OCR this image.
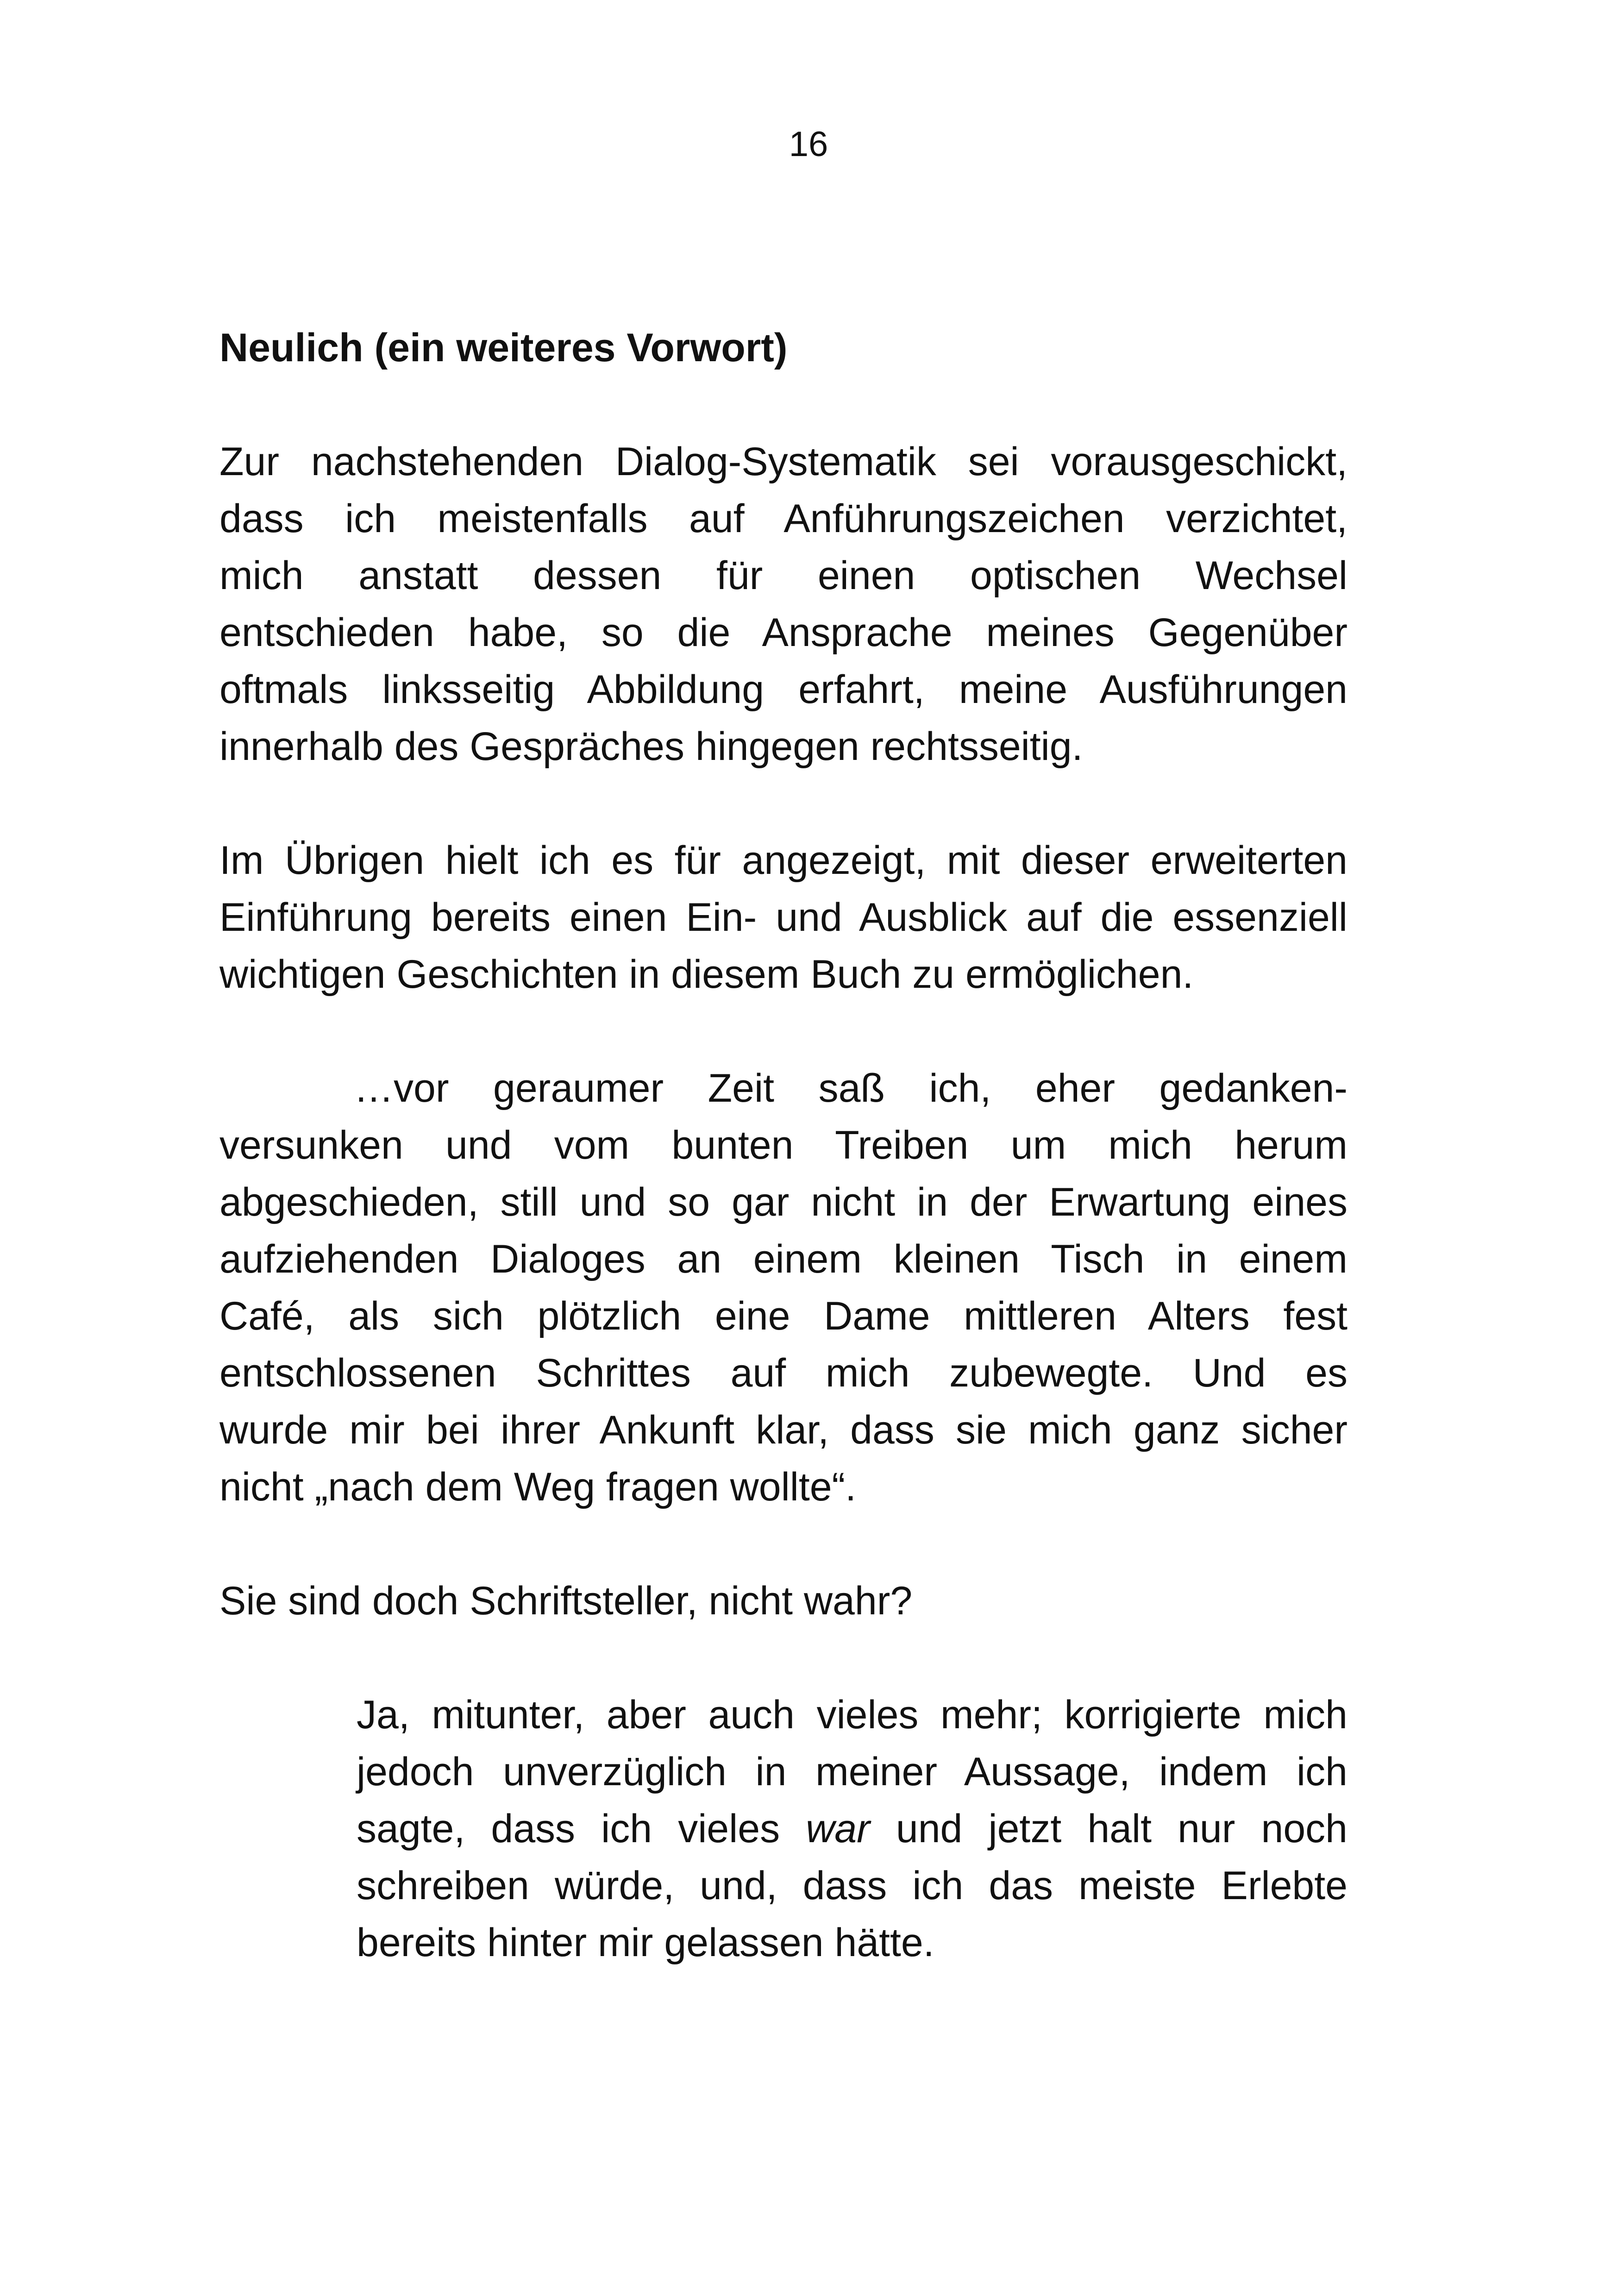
16

Neulich (ein weiteres Vorwort)

Zur nachstehenden Dialog-Systematik sei vorausgeschickt,
dass ich meistenfalls auf Anführungszeichen verzichtet,
mich anstatt dessen für einen optischen Wechsel
entschieden habe, so die Ansprache meines Gegenüber
oftmals linksseitig Abbildung erfahrt, meine Ausführungen
innerhalb des Gespräches hingegen rechtsseitig.

Im Übrigen hielt ich es für angezeigt, mit dieser erweiterten
Einführung bereits einen Ein- und Ausblick auf die essenziell
wichtigen Geschichten in diesem Buch zu ermöglichen.

…vor geraumer Zeit saß ich, eher gedanken-
versunken und vom bunten Treiben um mich herum
abgeschieden, still und so gar nicht in der Erwartung eines
aufziehenden Dialoges an einem kleinen Tisch in einem
Café, als sich plötzlich eine Dame mittleren Alters fest
entschlossenen Schrittes auf mich zubewegte. Und es
wurde mir bei ihrer Ankunft klar, dass sie mich ganz sicher
nicht „nach dem Weg fragen wollte“.

Sie sind doch Schriftsteller, nicht wahr?

Ja, mitunter, aber auch vieles mehr; korrigierte mich
jedoch unverzüglich in meiner Aussage, indem ich
sagte, dass ich vieles war und jetzt halt nur noch
schreiben würde, und, dass ich das meiste Erlebte
bereits hinter mir gelassen hätte.
